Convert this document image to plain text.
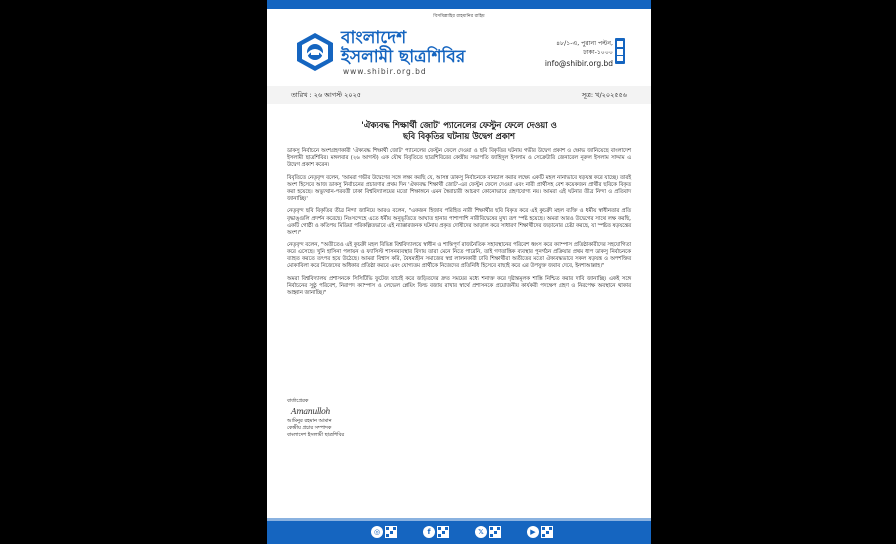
বিসমিল্লাহির রাহমানির রাহিম
বাংলাদেশ
ইসলামী ছাত্রশিবির
www.shibir.org.bd
৪৮/১-এ, পুরানা পল্টন,
ঢাকা-১০০০
info@shibir.org.bd
তারিখ : ২৬ আগস্ট ২০২৫	সূত্র: খ/২০২৫৫৬
'ঐক্যবদ্ধ শিক্ষার্থী জোট' প্যানেলের ফেস্টুন ফেলে দেওয়া ও
ছবি বিকৃতির ঘটনায় উদ্বেগ প্রকাশ

ডাকসু নির্বাচনে অংশগ্রহণকারী 'ঐক্যবদ্ধ শিক্ষার্থী জোট' প্যানেলের ফেস্টুন ফেলে দেওয়া ও ছবি বিকৃতির ঘটনায় গভীর উদ্বেগ প্রকাশ ও ক্ষোভ জানিয়েছে বাংলাদেশ ইসলামী ছাত্রশিবির। মঙ্গলবার (২৬ আগস্ট) এক যৌথ বিবৃতিতে ছাত্রশিবিরের কেন্দ্রীয় সভাপতি জাহিদুল ইসলাম ও সেক্রেটারি জেনারেল নূরুল ইসলাম সাদ্দাম এ উদ্বেগ প্রকাশ করেন।

বিবৃতিতে নেতৃবৃন্দ বলেন, 'আমরা গভীর উদ্বেগের সঙ্গে লক্ষ্য করছি যে, আসন্ন ডাকসু নির্বাচনকে বানচাল করার লক্ষ্যে একটি মহল নানাভাবে ষড়যন্ত্র করে যাচ্ছে। তারই অংশ হিসেবে আজ ডাকসু নির্বাচনের প্রচারণার প্রথম দিন 'ঐক্যবদ্ধ শিক্ষার্থী জোট'-এর ফেস্টুন ফেলে দেওয়া এবং নারী প্রার্থীসহ বেশ কয়েকজন প্রার্থীর ছবিকে বিকৃত করা হয়েছে। অভ্যুত্থান-পরবর্তী ঢাকা বিশ্ববিদ্যালয়ের মতো শিক্ষাঙ্গনে এমন স্বৈরাচারী আচরণ কোনোভাবে গ্রহণযোগ্য নয়। আমরা এই ঘটনার তীব্র নিন্দা ও প্রতিবাদ জানাচ্ছি।'

নেতৃবৃন্দ ছবি বিকৃতির তীব্র নিন্দা জানিয়ে আরও বলেন, "একজন হিজাব পরিহিত নারী শিক্ষার্থীর ছবি বিকৃত করে এই কুচক্রী মহল ব্যক্তি ও ধর্মীয় স্বাধীনতার প্রতি বৃদ্ধাঙ্গুলি প্রদর্শন করেছে। নিঃসন্দেহে এতে ধর্মীয় অনুভূতিতে আঘাত হানার পাশাপাশি নারীবিদ্বেষের মুখ্য রূপ স্পষ্ট হয়েছে। অমরা আরও উদ্বেগের সাথে লক্ষ করছি, একটি গোষ্ঠী ও কতিপয় মিডিয়া পরিকল্পিতভাবে এই ন্যাক্কারজনক ঘটনায় প্রকৃত দোষীদের আড়াল করে সাধারণ শিক্ষার্থীদের জড়ানোর চেষ্টা করছে, যা স্পষ্টত ষড়যন্ত্রের অংশ।"

নেতৃবৃন্দ বলেন, "অতীতেও এই কুচক্রী মহল বিভিন্ন বিশ্ববিদ্যালয়ে স্বাধীন ও শান্তিপূর্ণ রাজনৈতিক সহাবস্থানের পরিবেশ ধ্বংস করে ক্যাম্পাস প্রতিষ্ঠাকারীদের সহযোগিতা করে এসেছে। খুনি হাসিনা পলায়ন ও ফ্যাসিস্ট শাসনব্যবস্থার বিদায় তারা মেনে নিতে পারেনি, তাই গণতান্ত্রিক ব্যবস্থার পুনর্গঠন প্রক্রিয়ার প্রথম ধাপ ডাকসু নির্বাচনকে ব্যাহত করতে তৎপর হয়ে উঠেছে। আমরা বিশ্বাস করি, বৈষম্যহীন সমাজের স্বপ্ন লালনকারী ঢাবি শিক্ষার্থীরা অতীতের মতো ঐক্যবদ্ধভাবে সকল ষড়যন্ত্র ও অপশক্তির মোকাবিলা করে নিজেদের অধিকার প্রতিষ্ঠা করবে এবং যোগ্যতম প্রার্থীকে নিজেদের প্রতিনিধি হিসেবে বাছাই করে এর উপযুক্ত জবাব দেবে, ইনশাআল্লাহ।"

অমরা বিশ্ববিদ্যালয় প্রশাসনকে সিসিটিভি ফুটেজ যাচাই করে জড়িতদের দ্রুত সময়ের মধ্যে শনাক্ত করে দৃষ্টান্তমূলক শাস্তি নিশ্চিত করার দাবি জানাচ্ছি। একই সঙ্গে নির্বাচনের সুষ্ঠু পরিবেশ, নিরাপদ ক্যাম্পাস ও লেভেল প্লেয়িং ফিল্ড বজায় রাখার স্বার্থে প্রশাসনকে প্রয়োজনীয় কার্যকরী পদক্ষেপ গ্রহণ ও নিরপেক্ষ অবস্থানে থাকার আহ্বান জানাচ্ছি।"

বার্তাপ্রেরক
Amanulloh
আমিনুর রহমান আমান
কেন্দ্রীয় প্রচার সম্পাদক
বাংলাদেশ ইসলামী ছাত্রশিবির
◎	f	𝕏	▶
